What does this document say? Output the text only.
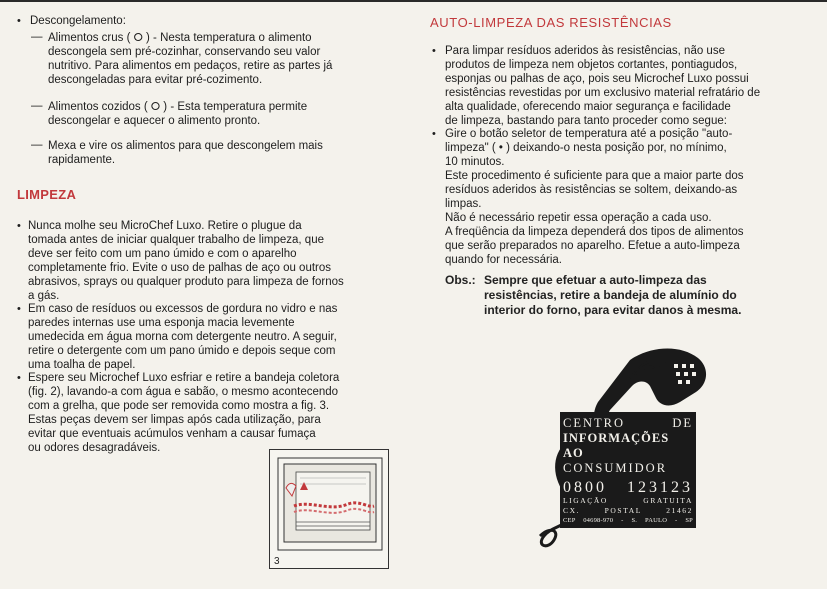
• Descongelamento:
— Alimentos crus ( ⭘ ) - Nesta temperatura o alimento
descongela sem pré-cozinhar, conservando seu valor
nutritivo. Para alimentos em pedaços, retire as partes já
descongeladas para evitar pré-cozimento.
— Alimentos cozidos ( ⭘ ) - Esta temperatura permite
descongelar e aquecer o alimento pronto.
— Mexa e vire os alimentos para que descongelem mais
rapidamente.
LIMPEZA
• Nunca molhe seu MicroChef Luxo. Retire o plugue da
tomada antes de iniciar qualquer trabalho de limpeza, que
deve ser feito com um pano úmido e com o aparelho
completamente frio. Evite o uso de palhas de aço ou outros
abrasivos, sprays ou qualquer produto para limpeza de fornos
a gás.
• Em caso de resíduos ou excessos de gordura no vidro e nas
paredes internas use uma esponja macia levemente
umedecida em água morna com detergente neutro. A seguir,
retire o detergente com um pano úmido e depois seque com
uma toalha de papel.
• Espere seu Microchef Luxo esfriar e retire a bandeja coletora
(fig. 2), lavando-a com água e sabão, o mesmo acontecendo
com a grelha, que pode ser removida como mostra a fig. 3.
Estas peças devem ser limpas após cada utilização, para
evitar que eventuais acúmulos venham a causar fumaça
ou odores desagradáveis.
3
AUTO-LIMPEZA DAS RESISTÊNCIAS
• Para limpar resíduos aderidos às resistências, não use
produtos de limpeza nem objetos cortantes, pontiagudos,
esponjas ou palhas de aço, pois seu Microchef Luxo possui
resistências revestidas por um exclusivo material refratário de
alta qualidade, oferecendo maior segurança e facilidade
de limpeza, bastando para tanto proceder como segue:
• Gire o botão seletor de temperatura até a posição "auto-
limpeza" ( • ) deixando-o nesta posição por, no mínimo,
10 minutos.
Este procedimento é suficiente para que a maior parte dos
resíduos aderidos às resistências se soltem, deixando-as
limpas.
Não é necessário repetir essa operação a cada uso.
A freqüência da limpeza dependerá dos tipos de alimentos
que serão preparados no aparelho. Efetue a auto-limpeza
quando for necessária.
Obs.: Sempre que efetuar a auto-limpeza das
resistências, retire a bandeja de alumínio do
interior do forno, para evitar danos à mesma.
CENTRO DE
INFORMAÇÕES AO
CONSUMIDOR
0800 123123
LIGAÇÃO GRATUITA
CX. POSTAL 21462
CEP 04698-970 - S. PAULO - SP
